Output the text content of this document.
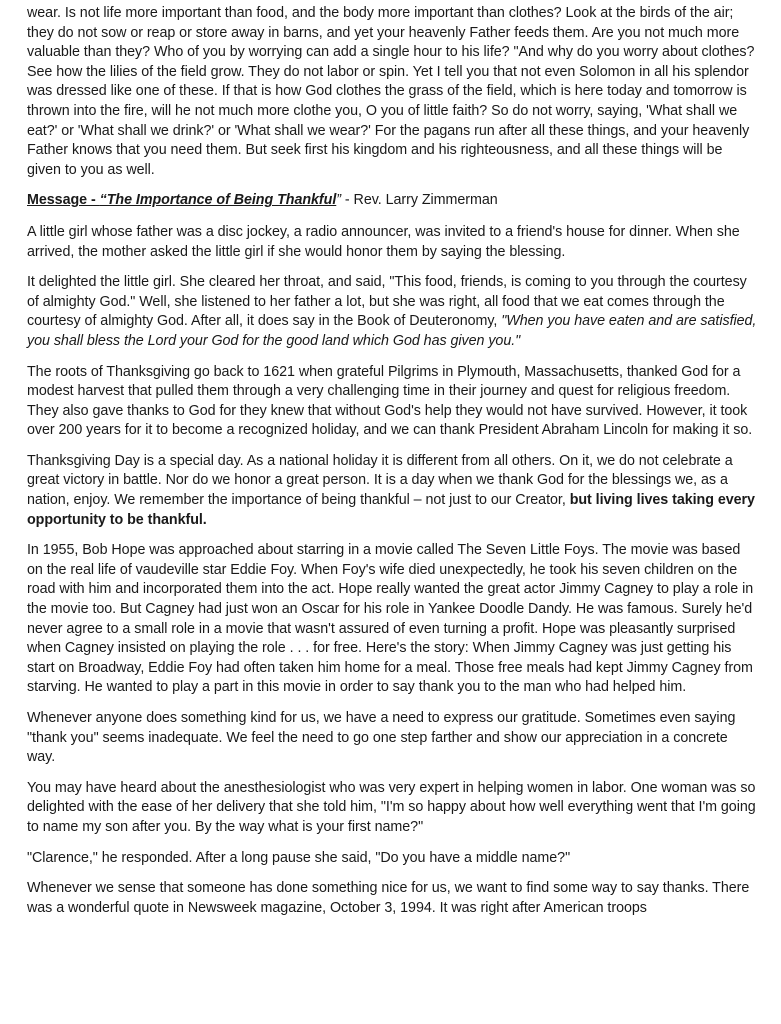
wear. Is not life more important than food, and the body more important than clothes? Look at the birds of the air; they do not sow or reap or store away in barns, and yet your heavenly Father feeds them. Are you not much more valuable than they? Who of you by worrying can add a single hour to his life? "And why do you worry about clothes? See how the lilies of the field grow. They do not labor or spin. Yet I tell you that not even Solomon in all his splendor was dressed like one of these. If that is how God clothes the grass of the field, which is here today and tomorrow is thrown into the fire, will he not much more clothe you, O you of little faith? So do not worry, saying, 'What shall we eat?' or 'What shall we drink?' or 'What shall we wear?' For the pagans run after all these things, and your heavenly Father knows that you need them. But seek first his kingdom and his righteousness, and all these things will be given to you as well.

Message - “The Importance of Being Thankful” - Rev. Larry Zimmerman

A little girl whose father was a disc jockey, a radio announcer, was invited to a friend's house for dinner. When she arrived, the mother asked the little girl if she would honor them by saying the blessing.

It delighted the little girl. She cleared her throat, and said, "This food, friends, is coming to you through the courtesy of almighty God." Well, she listened to her father a lot, but she was right, all food that we eat comes through the courtesy of almighty God. After all, it does say in the Book of Deuteronomy, "When you have eaten and are satisfied, you shall bless the Lord your God for the good land which God has given you."

The roots of Thanksgiving go back to 1621 when grateful Pilgrims in Plymouth, Massachusetts, thanked God for a modest harvest that pulled them through a very challenging time in their journey and quest for religious freedom. They also gave thanks to God for they knew that without God's help they would not have survived. However, it took over 200 years for it to become a recognized holiday, and we can thank President Abraham Lincoln for making it so.

Thanksgiving Day is a special day. As a national holiday it is different from all others. On it, we do not celebrate a great victory in battle. Nor do we honor a great person. It is a day when we thank God for the blessings we, as a nation, enjoy. We remember the importance of being thankful – not just to our Creator, but living lives taking every opportunity to be thankful.

In 1955, Bob Hope was approached about starring in a movie called The Seven Little Foys. The movie was based on the real life of vaudeville star Eddie Foy. When Foy's wife died unexpectedly, he took his seven children on the road with him and incorporated them into the act. Hope really wanted the great actor Jimmy Cagney to play a role in the movie too. But Cagney had just won an Oscar for his role in Yankee Doodle Dandy. He was famous. Surely he'd never agree to a small role in a movie that wasn't assured of even turning a profit. Hope was pleasantly surprised when Cagney insisted on playing the role . . . for free. Here's the story: When Jimmy Cagney was just getting his start on Broadway, Eddie Foy had often taken him home for a meal. Those free meals had kept Jimmy Cagney from starving. He wanted to play a part in this movie in order to say thank you to the man who had helped him.

Whenever anyone does something kind for us, we have a need to express our gratitude. Sometimes even saying "thank you" seems inadequate. We feel the need to go one step farther and show our appreciation in a concrete way.

You may have heard about the anesthesiologist who was very expert in helping women in labor. One woman was so delighted with the ease of her delivery that she told him, "I'm so happy about how well everything went that I'm going to name my son after you. By the way what is your first name?"

"Clarence," he responded. After a long pause she said, "Do you have a middle name?"

Whenever we sense that someone has done something nice for us, we want to find some way to say thanks. There was a wonderful quote in Newsweek magazine, October 3, 1994. It was right after American troops
